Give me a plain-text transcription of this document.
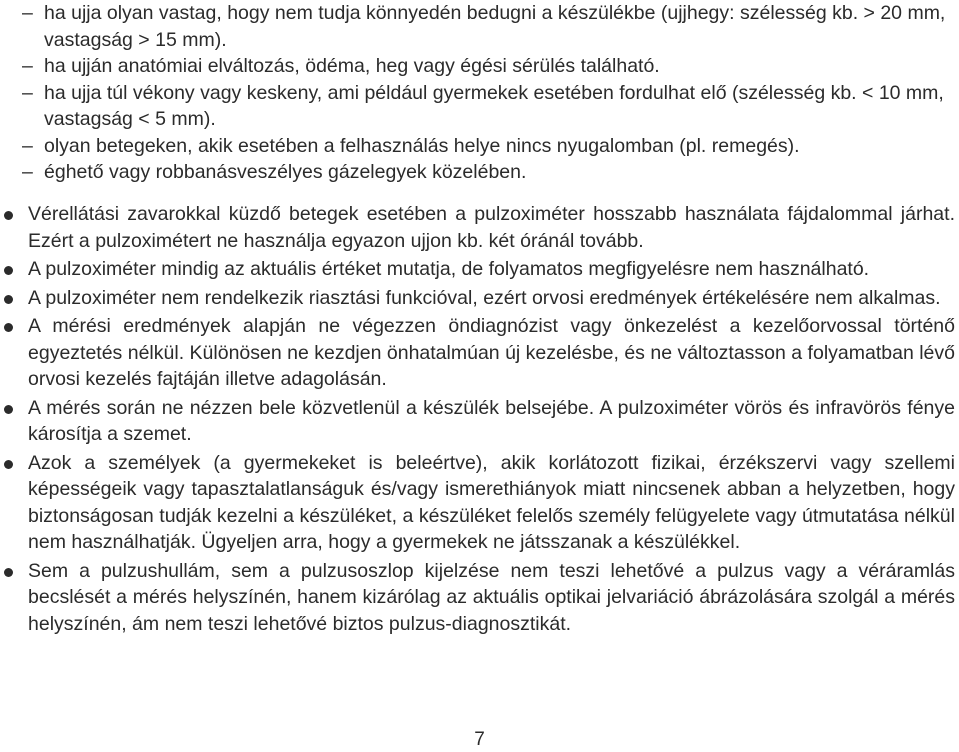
– ha ujja olyan vastag, hogy nem tudja könnyedén bedugni a készülékbe (ujjhegy: szélesség kb. > 20 mm, vastagság > 15 mm).
– ha ujján anatómiai elváltozás, ödéma, heg vagy égési sérülés található.
– ha ujja túl vékony vagy keskeny, ami például gyermekek esetében fordulhat elő (szélesség kb. < 10 mm, vastagság < 5 mm).
– olyan betegeken, akik esetében a felhasználás helye nincs nyugalomban (pl. remegés).
– éghető vagy robbanásveszélyes gázelegyek közelében.
Vérellátási zavarokkal küzdő betegek esetében a pulzoximéter hosszabb használata fájdalommal járhat. Ezért a pulzoximétert ne használja egyazon ujjon kb. két óránál tovább.
A pulzoximéter mindig az aktuális értéket mutatja, de folyamatos megfigyelésre nem használható.
A pulzoximéter nem rendelkezik riasztási funkcióval, ezért orvosi eredmények értékelésére nem alkalmas.
A mérési eredmények alapján ne végezzen öndiagnózist vagy önkezelést a kezelőorvossal történő egyeztetés nélkül. Különösen ne kezdjen önhatalmúan új kezelésbe, és ne változtasson a folyamatban lévő orvosi kezelés fajtáján illetve adagolásán.
A mérés során ne nézzen bele közvetlenül a készülék belsejébe. A pulzoximéter vörös és infravörös fénye károsítja a szemet.
Azok a személyek (a gyermekeket is beleértve), akik korlátozott fizikai, érzékszervi vagy szellemi képességeik vagy tapasztalatlanságuk és/vagy ismerethiányok miatt nincsenek abban a helyzetben, hogy biztonságosan tudják kezelni a készüléket, a készüléket felelős személy felügyelete vagy útmutatása nélkül nem használhatják. Ügyeljen arra, hogy a gyermekek ne játsszanak a készülékkel.
Sem a pulzushullám, sem a pulzusoszlop kijelzése nem teszi lehetővé a pulzus vagy a véráramlás becslését a mérés helyszínén, hanem kizárólag az aktuális optikai jelvariáció ábrázolására szolgál a mérés helyszínén, ám nem teszi lehetővé biztos pulzus-diagnosztikát.
7
